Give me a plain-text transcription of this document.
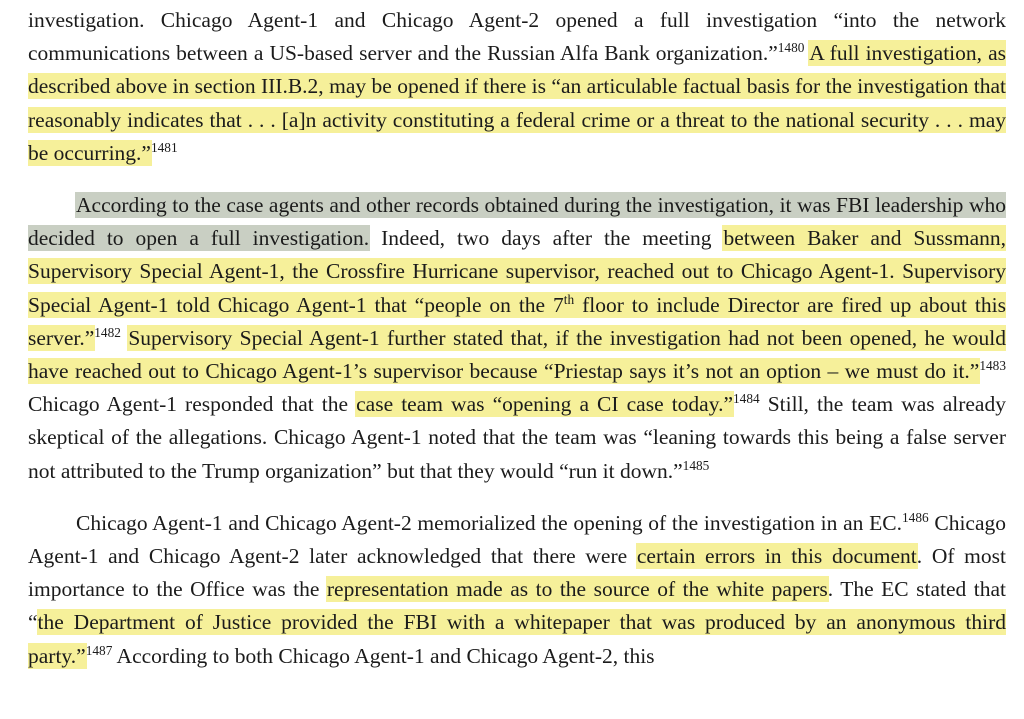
investigation. Chicago Agent-1 and Chicago Agent-2 opened a full investigation “into the network communications between a US-based server and the Russian Alfa Bank organization.”$^{1480}$ A full investigation, as described above in section III.B.2, may be opened if there is “an articulable factual basis for the investigation that reasonably indicates that . . . [a]n activity constituting a federal crime or a threat to the national security . . . may be occurring.”$^{1481}$

According to the case agents and other records obtained during the investigation, it was FBI leadership who decided to open a full investigation. Indeed, two days after the meeting between Baker and Sussmann, Supervisory Special Agent-1, the Crossfire Hurricane supervisor, reached out to Chicago Agent-1. Supervisory Special Agent-1 told Chicago Agent-1 that “people on the 7th floor to include Director are fired up about this server.”$^{1482}$ Supervisory Special Agent-1 further stated that, if the investigation had not been opened, he would have reached out to Chicago Agent-1’s supervisor because “Priestap says it’s not an option – we must do it.”$^{1483}$ Chicago Agent-1 responded that the case team was “opening a CI case today.”$^{1484}$ Still, the team was already skeptical of the allegations. Chicago Agent-1 noted that the team was “leaning towards this being a false server not attributed to the Trump organization” but that they would “run it down.”$^{1485}$

Chicago Agent-1 and Chicago Agent-2 memorialized the opening of the investigation in an EC.$^{1486}$ Chicago Agent-1 and Chicago Agent-2 later acknowledged that there were certain errors in this document. Of most importance to the Office was the representation made as to the source of the white papers. The EC stated that “the Department of Justice provided the FBI with a whitepaper that was produced by an anonymous third party.”$^{1487}$ According to both Chicago Agent-1 and Chicago Agent-2, this
